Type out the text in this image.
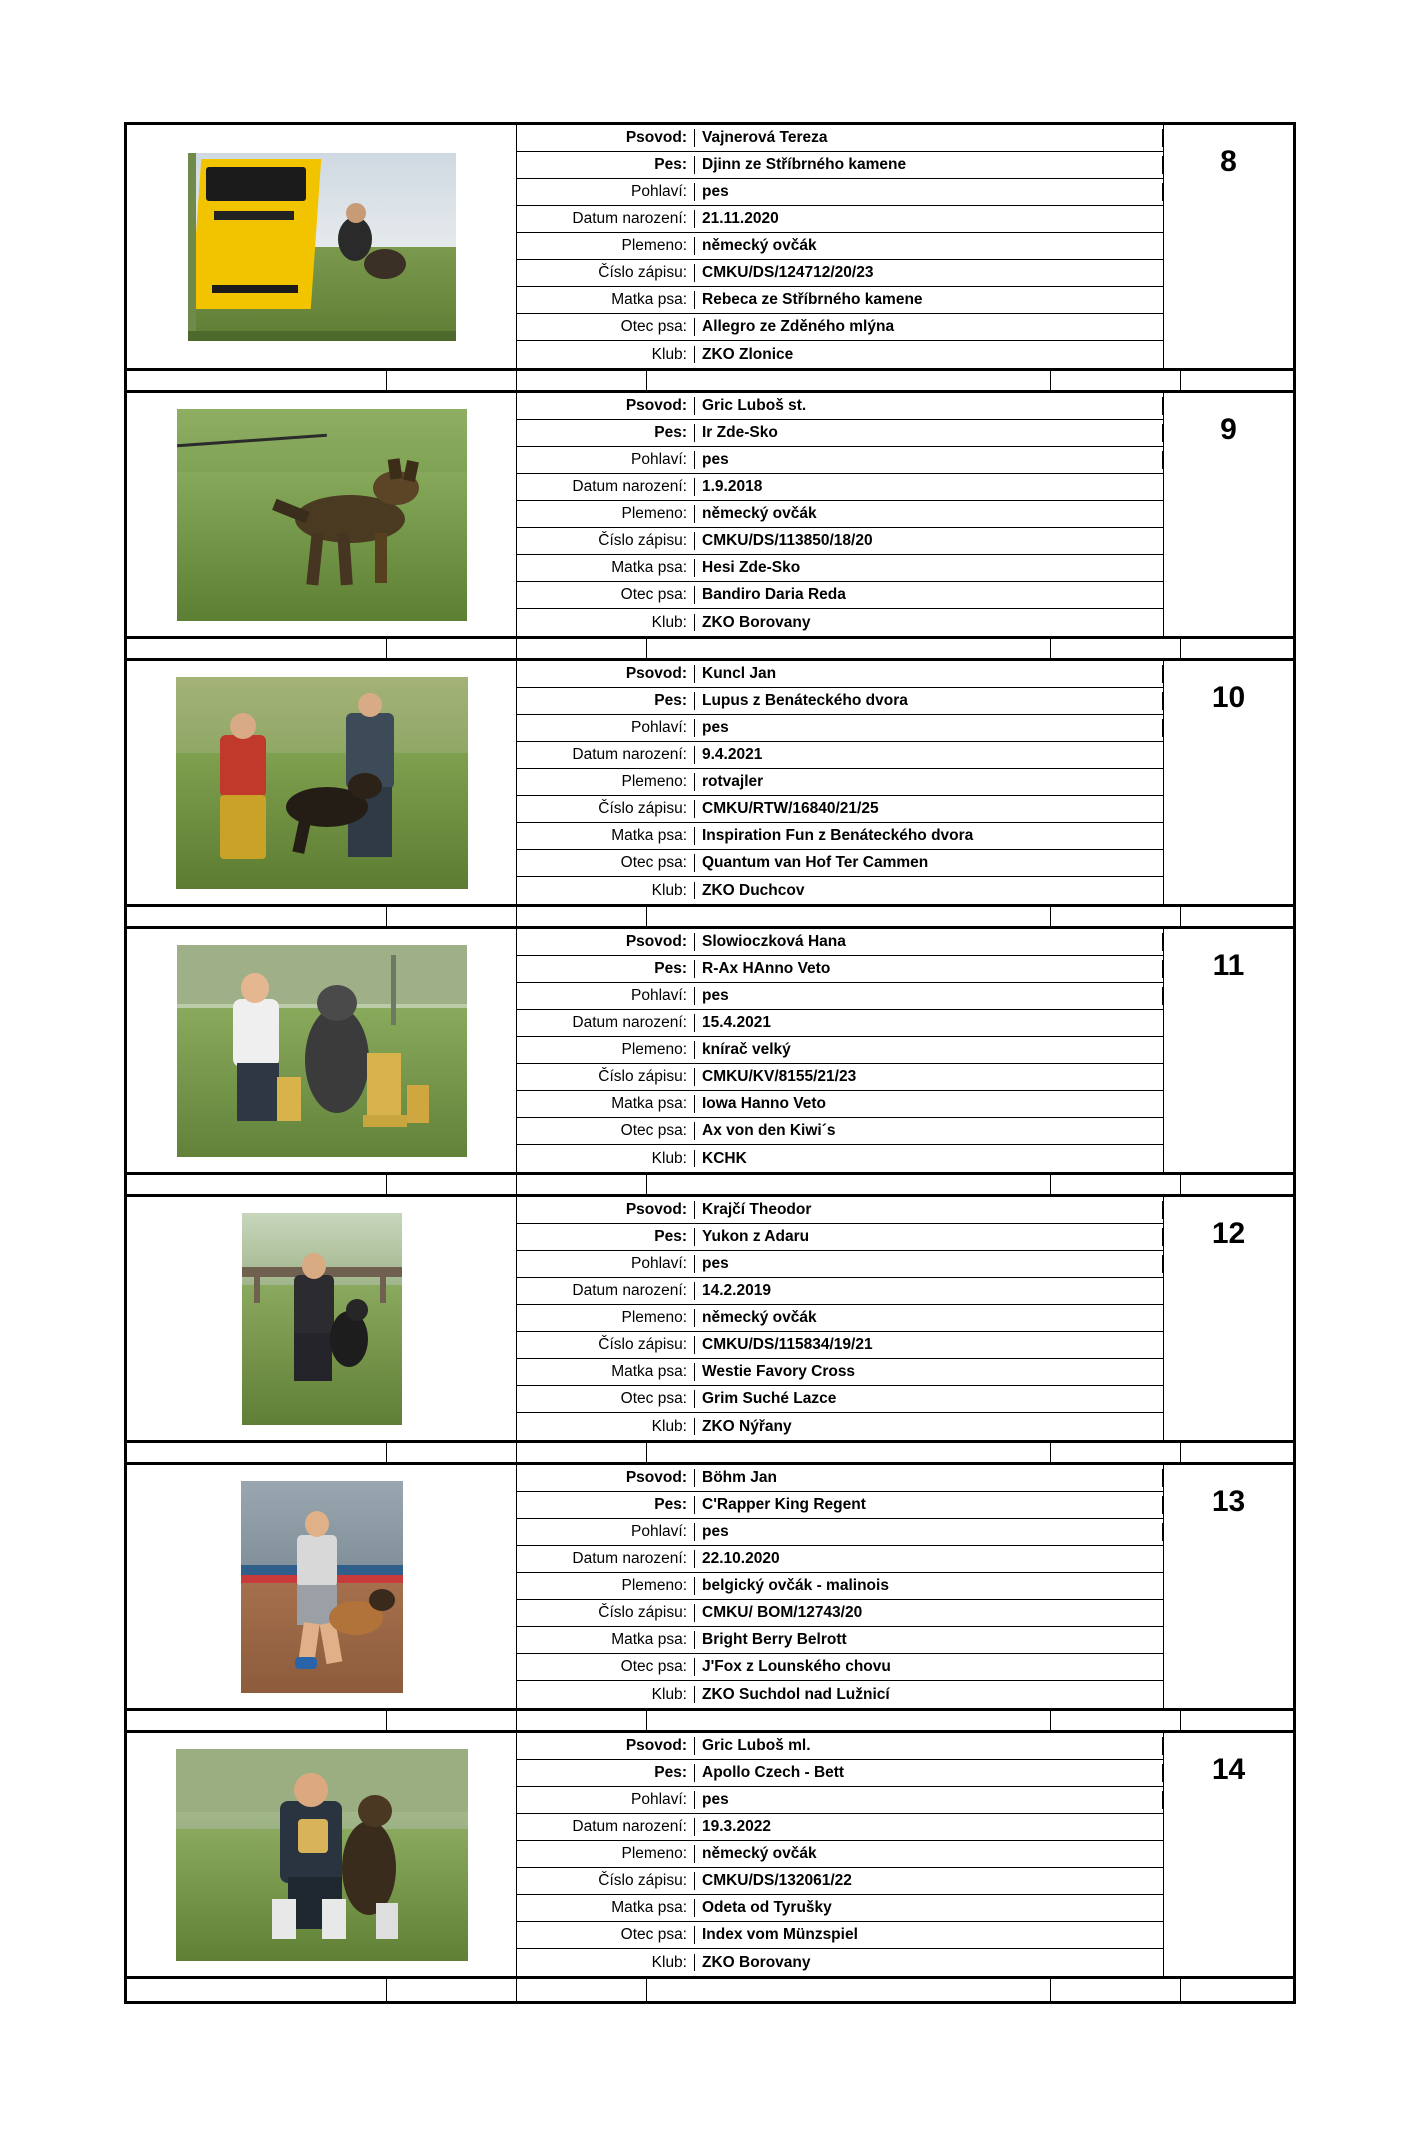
Psovod: Vajnerová Tereza
Pes: Djinn ze Stříbrného kamene
Pohlaví: pes
Datum narození: 21.11.2020
Plemeno: německý ovčák
Číslo zápisu: CMKU/DS/124712/20/23
Matka psa: Rebeca ze Stříbrného kamene
Otec psa: Allegro ze Zděného mlýna
Klub: ZKO Zlonice
8
Psovod: Gric Luboš st.
Pes: Ir Zde-Sko
Pohlaví: pes
Datum narození: 1.9.2018
Plemeno: německý ovčák
Číslo zápisu: CMKU/DS/113850/18/20
Matka psa: Hesi Zde-Sko
Otec psa: Bandiro Daria Reda
Klub: ZKO Borovany
9
Psovod: Kuncl Jan
Pes: Lupus z Benáteckého dvora
Pohlaví: pes
Datum narození: 9.4.2021
Plemeno: rotvajler
Číslo zápisu: CMKU/RTW/16840/21/25
Matka psa: Inspiration Fun z Benáteckého dvora
Otec psa: Quantum van Hof Ter Cammen
Klub: ZKO Duchcov
10
Psovod: Slowioczková Hana
Pes: R-Ax HAnno Veto
Pohlaví: pes
Datum narození: 15.4.2021
Plemeno: knírač velký
Číslo zápisu: CMKU/KV/8155/21/23
Matka psa: Iowa Hanno Veto
Otec psa: Ax von den Kiwi´s
Klub: KCHK
11
Psovod: Krajčí Theodor
Pes: Yukon z Adaru
Pohlaví: pes
Datum narození: 14.2.2019
Plemeno: německý ovčák
Číslo zápisu: CMKU/DS/115834/19/21
Matka psa: Westie Favory Cross
Otec psa: Grim Suché Lazce
Klub: ZKO Nýřany
12
Psovod: Böhm Jan
Pes: C'Rapper King Regent
Pohlaví: pes
Datum narození: 22.10.2020
Plemeno: belgický ovčák - malinois
Číslo zápisu: CMKU/ BOM/12743/20
Matka psa: Bright Berry Belrott
Otec psa: J'Fox z Lounského chovu
Klub: ZKO Suchdol nad Lužnicí
13
Psovod: Gric Luboš ml.
Pes: Apollo Czech - Bett
Pohlaví: pes
Datum narození: 19.3.2022
Plemeno: německý ovčák
Číslo zápisu: CMKU/DS/132061/22
Matka psa: Odeta od Tyrušky
Otec psa: Index vom Münzspiel
Klub: ZKO Borovany
14
